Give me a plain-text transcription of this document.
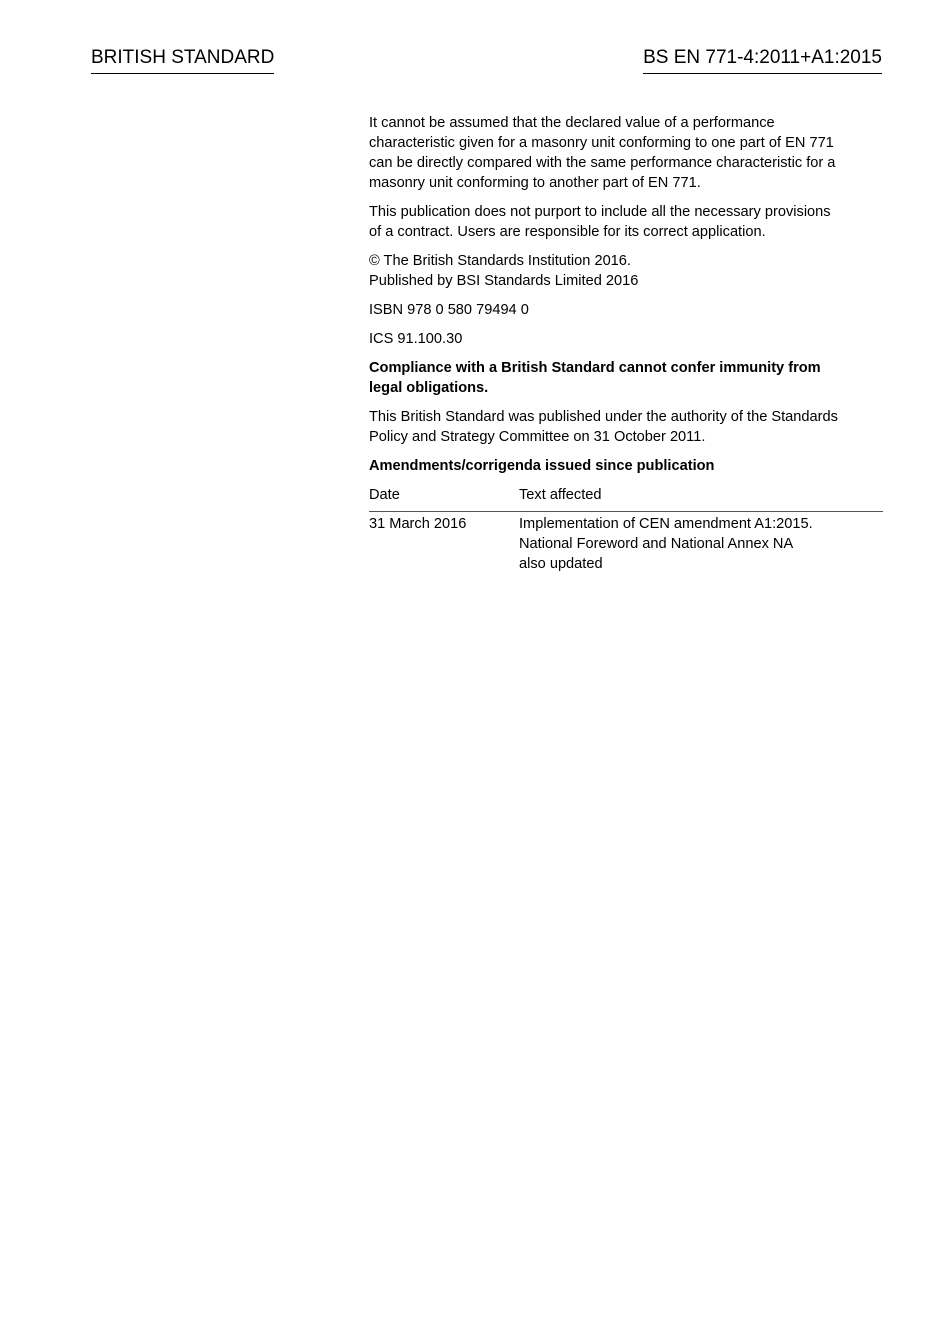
BRITISH STANDARD	BS EN 771-4:2011+A1:2015

It cannot be assumed that the declared value of a performance
characteristic given for a masonry unit conforming to one part of EN 771
can be directly compared with the same performance characteristic for a
masonry unit conforming to another part of EN 771.

This publication does not purport to include all the necessary provisions
of a contract. Users are responsible for its correct application.

© The British Standards Institution 2016.
Published by BSI Standards Limited 2016

ISBN 978 0 580 79494 0

ICS 91.100.30

Compliance with a British Standard cannot confer immunity from
legal obligations.

This British Standard was published under the authority of the Standards
Policy and Strategy Committee on 31 October 2011.

Amendments/corrigenda issued since publication

Date	Text affected
31 March 2016	Implementation of CEN amendment A1:2015.
National Foreword and National Annex NA
also updated
